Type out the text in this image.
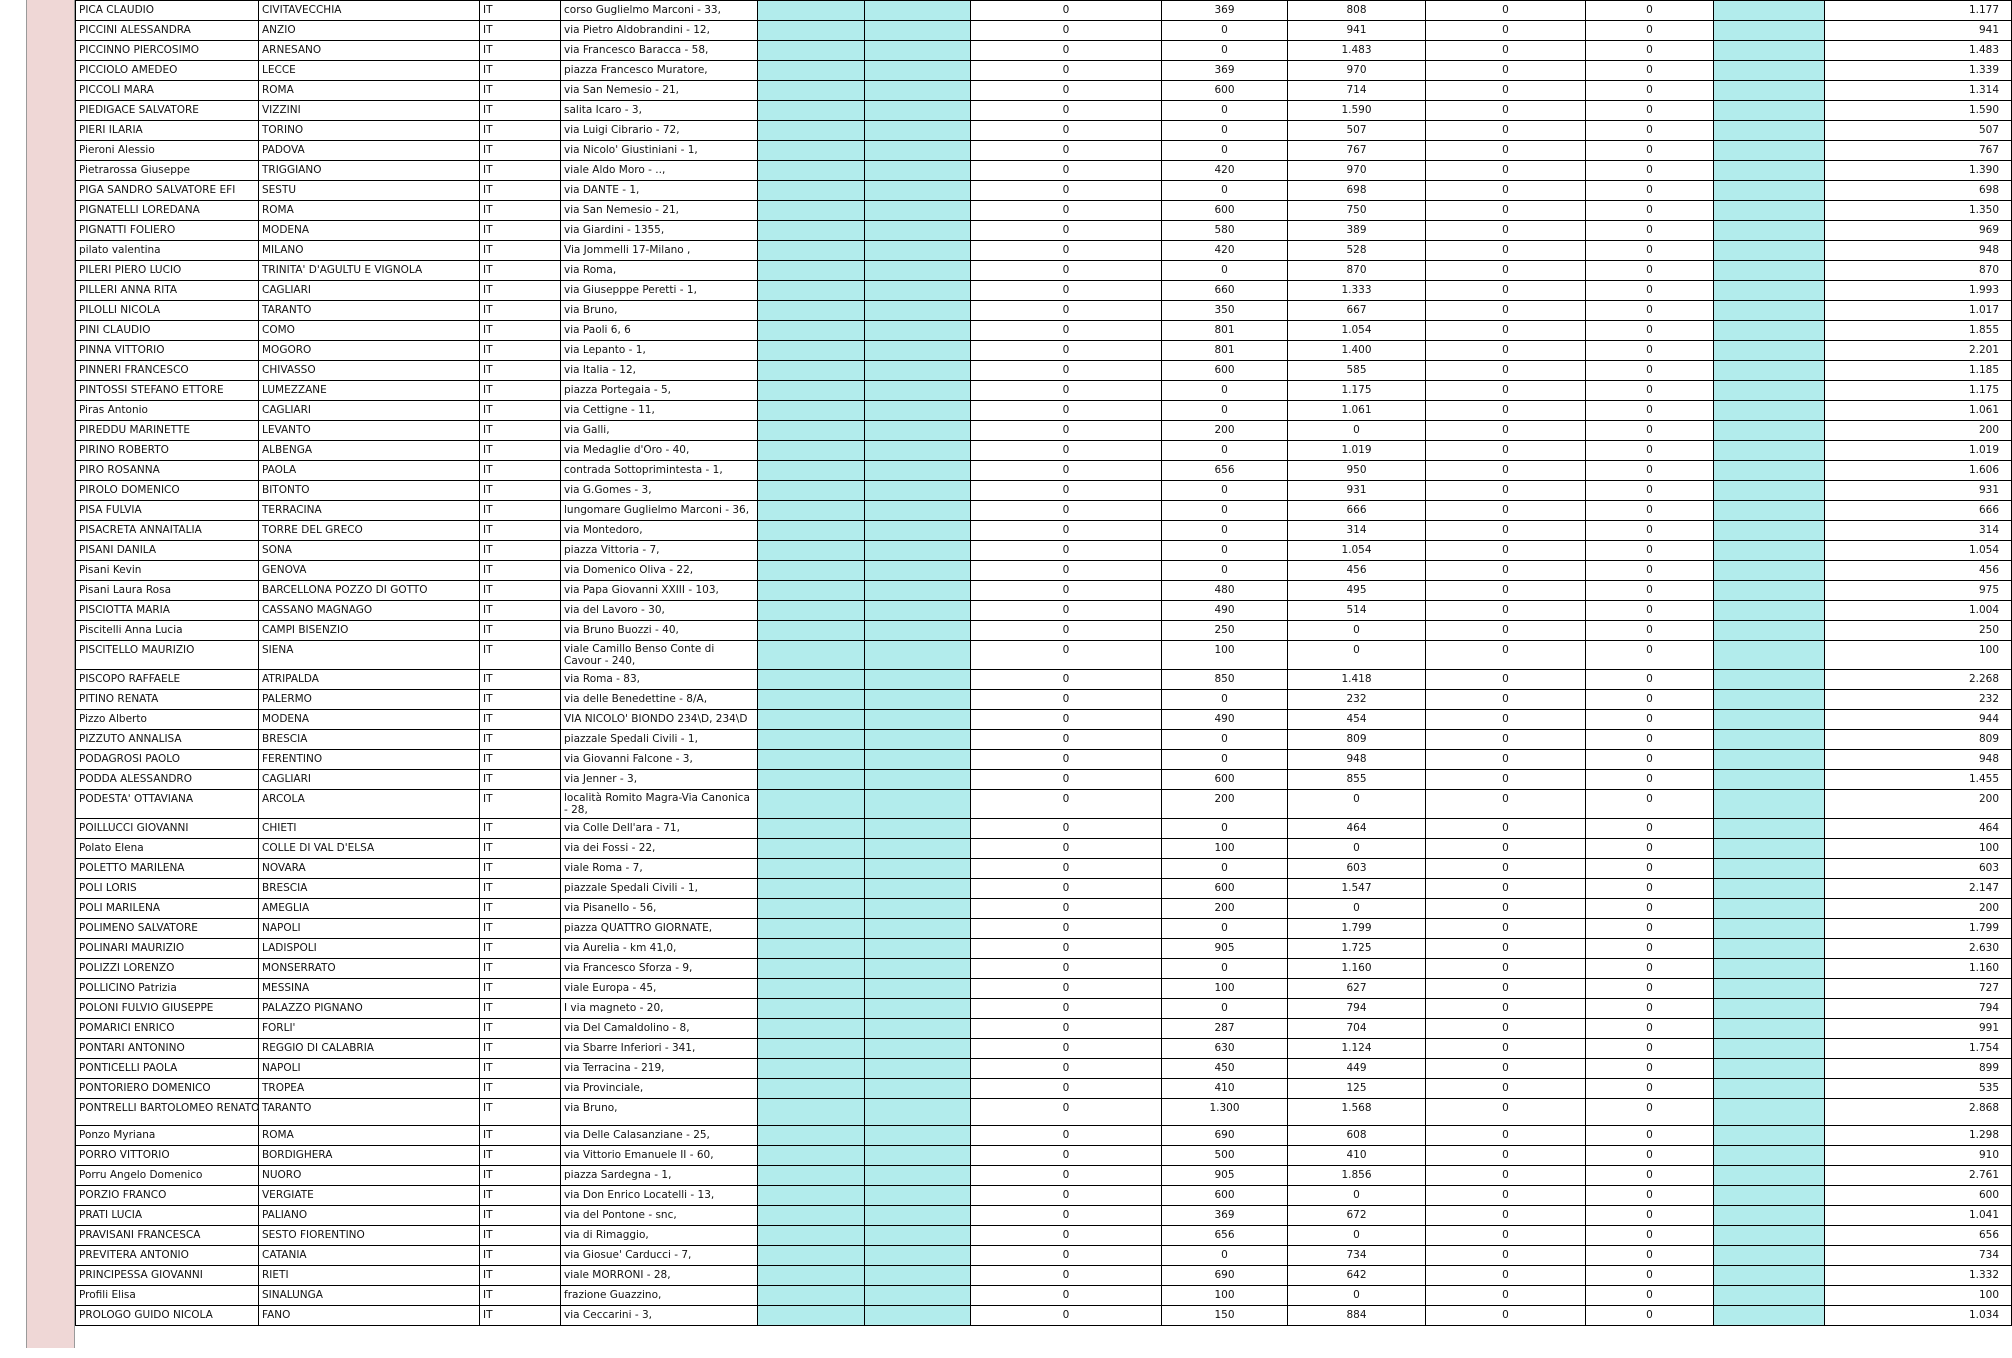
PICA CLAUDIO	CIVITAVECCHIA	IT	corso Guglielmo Marconi - 33,			0	369	808	0	0		1.177
PICCINI ALESSANDRA	ANZIO	IT	via Pietro Aldobrandini - 12,			0	0	941	0	0		941
PICCINNO PIERCOSIMO	ARNESANO	IT	via Francesco Baracca - 58,			0	0	1.483	0	0		1.483
PICCIOLO AMEDEO	LECCE	IT	piazza Francesco Muratore,			0	369	970	0	0		1.339
PICCOLI MARA	ROMA	IT	via San Nemesio - 21,			0	600	714	0	0		1.314
PIEDIGACE SALVATORE	VIZZINI	IT	salita Icaro - 3,			0	0	1.590	0	0		1.590
PIERI ILARIA	TORINO	IT	via Luigi Cibrario - 72,			0	0	507	0	0		507
Pieroni Alessio	PADOVA	IT	via Nicolo' Giustiniani - 1,			0	0	767	0	0		767
Pietrarossa Giuseppe	TRIGGIANO	IT	viale Aldo Moro - ..,			0	420	970	0	0		1.390
PIGA SANDRO SALVATORE EFI	SESTU	IT	via DANTE - 1,			0	0	698	0	0		698
PIGNATELLI LOREDANA	ROMA	IT	via San Nemesio - 21,			0	600	750	0	0		1.350
PIGNATTI FOLIERO	MODENA	IT	via Giardini - 1355,			0	580	389	0	0		969
pilato valentina	MILANO	IT	Via Jommelli 17-Milano ,			0	420	528	0	0		948
PILERI PIERO LUCIO	TRINITA' D'AGULTU E VIGNOLA	IT	via Roma,			0	0	870	0	0		870
PILLERI ANNA RITA	CAGLIARI	IT	via Giusepppe Peretti - 1,			0	660	1.333	0	0		1.993
PILOLLI NICOLA	TARANTO	IT	via Bruno,			0	350	667	0	0		1.017
PINI CLAUDIO	COMO	IT	via Paoli 6, 6			0	801	1.054	0	0		1.855
PINNA VITTORIO	MOGORO	IT	via Lepanto - 1,			0	801	1.400	0	0		2.201
PINNERI FRANCESCO	CHIVASSO	IT	via Italia - 12,			0	600	585	0	0		1.185
PINTOSSI STEFANO ETTORE	LUMEZZANE	IT	piazza Portegaia - 5,			0	0	1.175	0	0		1.175
Piras Antonio	CAGLIARI	IT	via Cettigne - 11,			0	0	1.061	0	0		1.061
PIREDDU MARINETTE	LEVANTO	IT	via Galli,			0	200	0	0	0		200
PIRINO ROBERTO	ALBENGA	IT	via Medaglie d'Oro - 40,			0	0	1.019	0	0		1.019
PIRO ROSANNA	PAOLA	IT	contrada Sottoprimintesta - 1,			0	656	950	0	0		1.606
PIROLO DOMENICO	BITONTO	IT	via G.Gomes - 3,			0	0	931	0	0		931
PISA FULVIA	TERRACINA	IT	lungomare Guglielmo Marconi - 36,			0	0	666	0	0		666
PISACRETA ANNAITALIA	TORRE DEL GRECO	IT	via Montedoro,			0	0	314	0	0		314
PISANI DANILA	SONA	IT	piazza Vittoria - 7,			0	0	1.054	0	0		1.054
Pisani Kevin	GENOVA	IT	via Domenico Oliva - 22,			0	0	456	0	0		456
Pisani Laura Rosa	BARCELLONA POZZO DI GOTTO	IT	via Papa Giovanni XXIII - 103,			0	480	495	0	0		975
PISCIOTTA MARIA	CASSANO MAGNAGO	IT	via del Lavoro - 30,			0	490	514	0	0		1.004
Piscitelli Anna Lucia	CAMPI BISENZIO	IT	via Bruno Buozzi - 40,			0	250	0	0	0		250
PISCITELLO MAURIZIO	SIENA	IT	viale Camillo Benso Conte di Cavour - 240,			0	100	0	0	0		100
PISCOPO RAFFAELE	ATRIPALDA	IT	via Roma - 83,			0	850	1.418	0	0		2.268
PITINO RENATA	PALERMO	IT	via delle Benedettine - 8/A,			0	0	232	0	0		232
Pizzo Alberto	MODENA	IT	VIA NICOLO' BIONDO 234\D, 234\D			0	490	454	0	0		944
PIZZUTO ANNALISA	BRESCIA	IT	piazzale Spedali Civili - 1,			0	0	809	0	0		809
PODAGROSI PAOLO	FERENTINO	IT	via Giovanni Falcone - 3,			0	0	948	0	0		948
PODDA ALESSANDRO	CAGLIARI	IT	via Jenner - 3,			0	600	855	0	0		1.455
PODESTA' OTTAVIANA	ARCOLA	IT	località Romito Magra-Via Canonica - 28,			0	200	0	0	0		200
POILLUCCI GIOVANNI	CHIETI	IT	via Colle Dell'ara - 71,			0	0	464	0	0		464
Polato Elena	COLLE DI VAL D'ELSA	IT	via dei Fossi - 22,			0	100	0	0	0		100
POLETTO MARILENA	NOVARA	IT	viale Roma - 7,			0	0	603	0	0		603
POLI LORIS	BRESCIA	IT	piazzale Spedali Civili - 1,			0	600	1.547	0	0		2.147
POLI MARILENA	AMEGLIA	IT	via Pisanello - 56,			0	200	0	0	0		200
POLIMENO SALVATORE	NAPOLI	IT	piazza QUATTRO GIORNATE,			0	0	1.799	0	0		1.799
POLINARI MAURIZIO	LADISPOLI	IT	via Aurelia - km 41,0,			0	905	1.725	0	0		2.630
POLIZZI LORENZO	MONSERRATO	IT	via Francesco Sforza - 9,			0	0	1.160	0	0		1.160
POLLICINO Patrizia	MESSINA	IT	viale Europa - 45,			0	100	627	0	0		727
POLONI FULVIO GIUSEPPE	PALAZZO PIGNANO	IT	I via magneto - 20,			0	0	794	0	0		794
POMARICI ENRICO	FORLI'	IT	via Del Camaldolino - 8,			0	287	704	0	0		991
PONTARI ANTONINO	REGGIO DI CALABRIA	IT	via Sbarre Inferiori - 341,			0	630	1.124	0	0		1.754
PONTICELLI PAOLA	NAPOLI	IT	via Terracina - 219,			0	450	449	0	0		899
PONTORIERO DOMENICO	TROPEA	IT	via Provinciale,			0	410	125	0	0		535
PONTRELLI BARTOLOMEO RENATO	TARANTO	IT	via Bruno,			0	1.300	1.568	0	0		2.868
Ponzo Myriana	ROMA	IT	via Delle Calasanziane - 25,			0	690	608	0	0		1.298
PORRO VITTORIO	BORDIGHERA	IT	via Vittorio Emanuele II - 60,			0	500	410	0	0		910
Porru Angelo Domenico	NUORO	IT	piazza Sardegna - 1,			0	905	1.856	0	0		2.761
PORZIO FRANCO	VERGIATE	IT	via Don Enrico Locatelli - 13,			0	600	0	0	0		600
PRATI LUCIA	PALIANO	IT	via del Pontone - snc,			0	369	672	0	0		1.041
PRAVISANI FRANCESCA	SESTO FIORENTINO	IT	via di Rimaggio,			0	656	0	0	0		656
PREVITERA ANTONIO	CATANIA	IT	via Giosue' Carducci - 7,			0	0	734	0	0		734
PRINCIPESSA GIOVANNI	RIETI	IT	viale MORRONI - 28,			0	690	642	0	0		1.332
Profili Elisa	SINALUNGA	IT	frazione Guazzino,			0	100	0	0	0		100
PROLOGO GUIDO NICOLA	FANO	IT	via Ceccarini - 3,			0	150	884	0	0		1.034
